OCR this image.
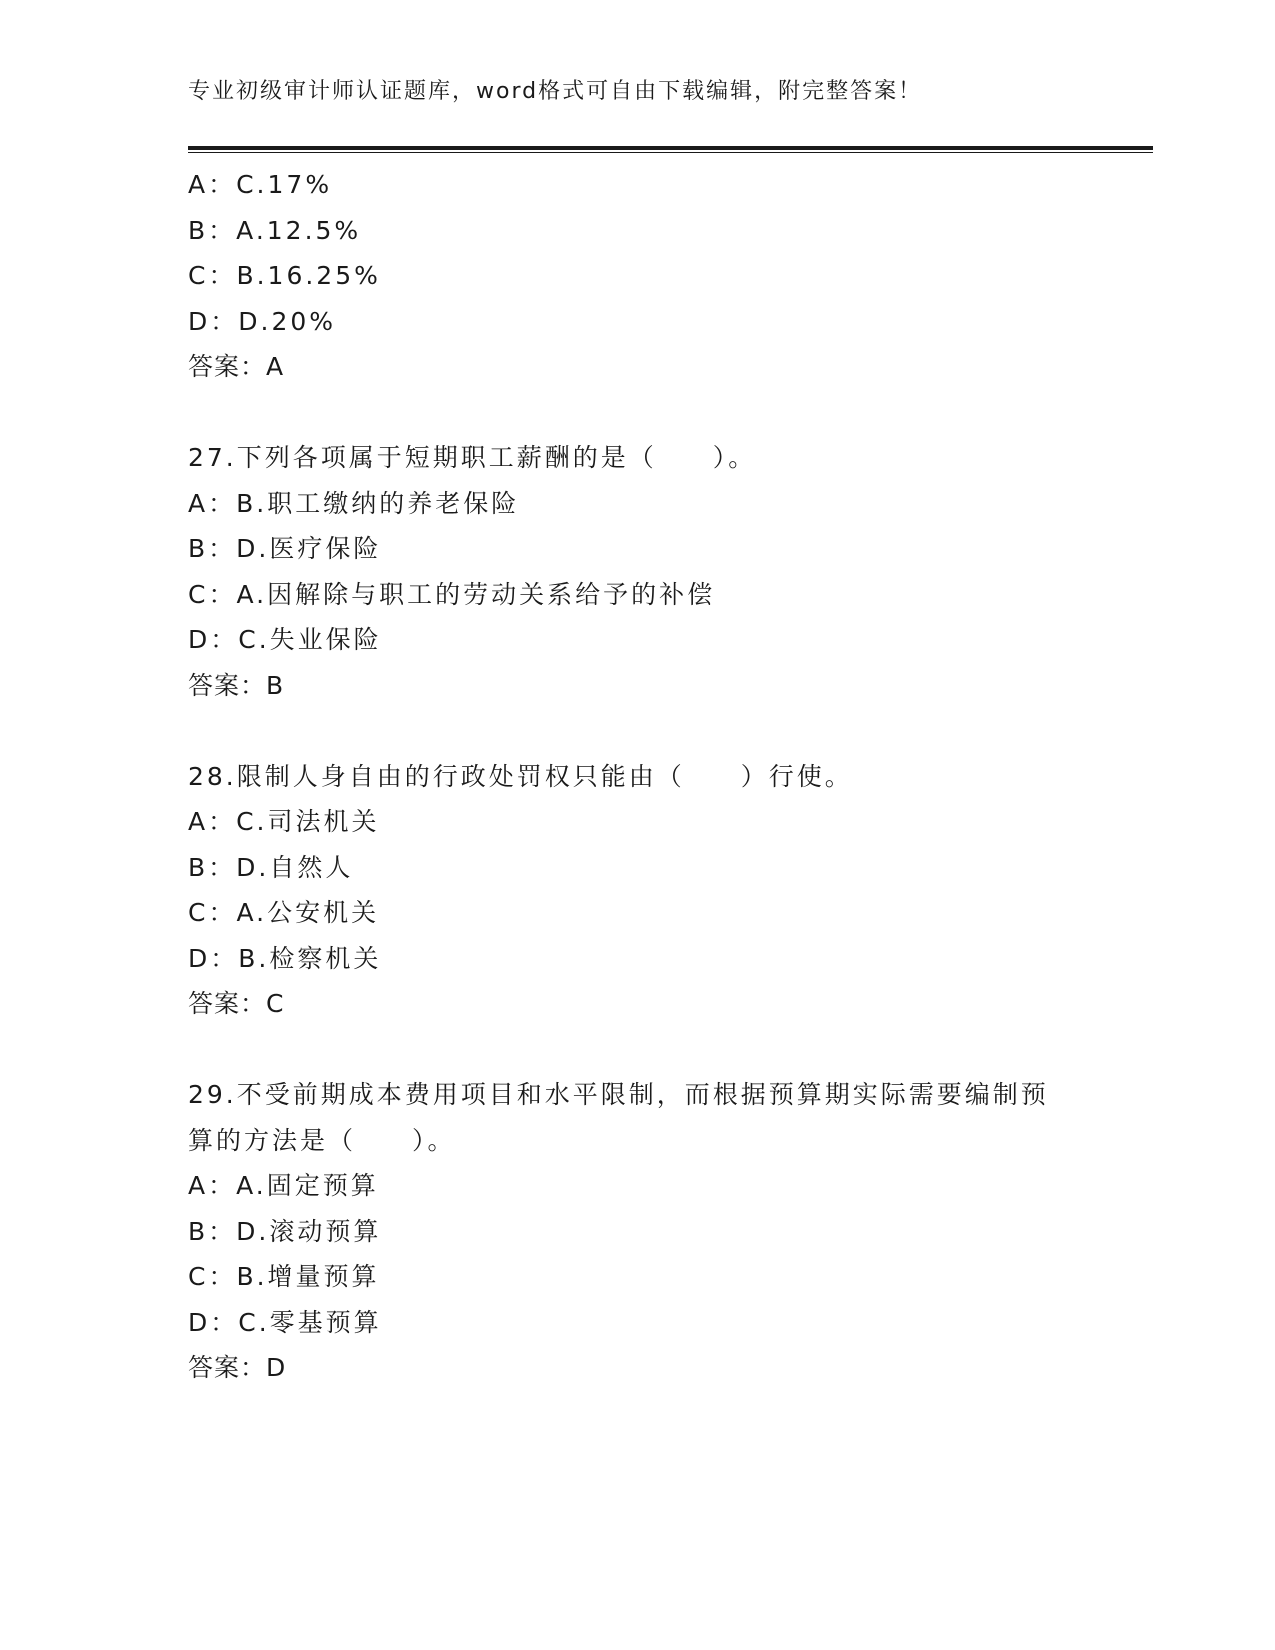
专业初级审计师认证题库，word格式可自由下载编辑，附完整答案！
A：C.17%
B：A.12.5%
C：B.16.25%
D：D.20%
答案：A
27.下列各项属于短期职工薪酬的是（　　）。
A：B.职工缴纳的养老保险
B：D.医疗保险
C：A.因解除与职工的劳动关系给予的补偿
D：C.失业保险
答案：B
28.限制人身自由的行政处罚权只能由（　　）行使。
A：C.司法机关
B：D.自然人
C：A.公安机关
D：B.检察机关
答案：C
29.不受前期成本费用项目和水平限制，而根据预算期实际需要编制预算的方法是（　　）。
A：A.固定预算
B：D.滚动预算
C：B.增量预算
D：C.零基预算
答案：D
